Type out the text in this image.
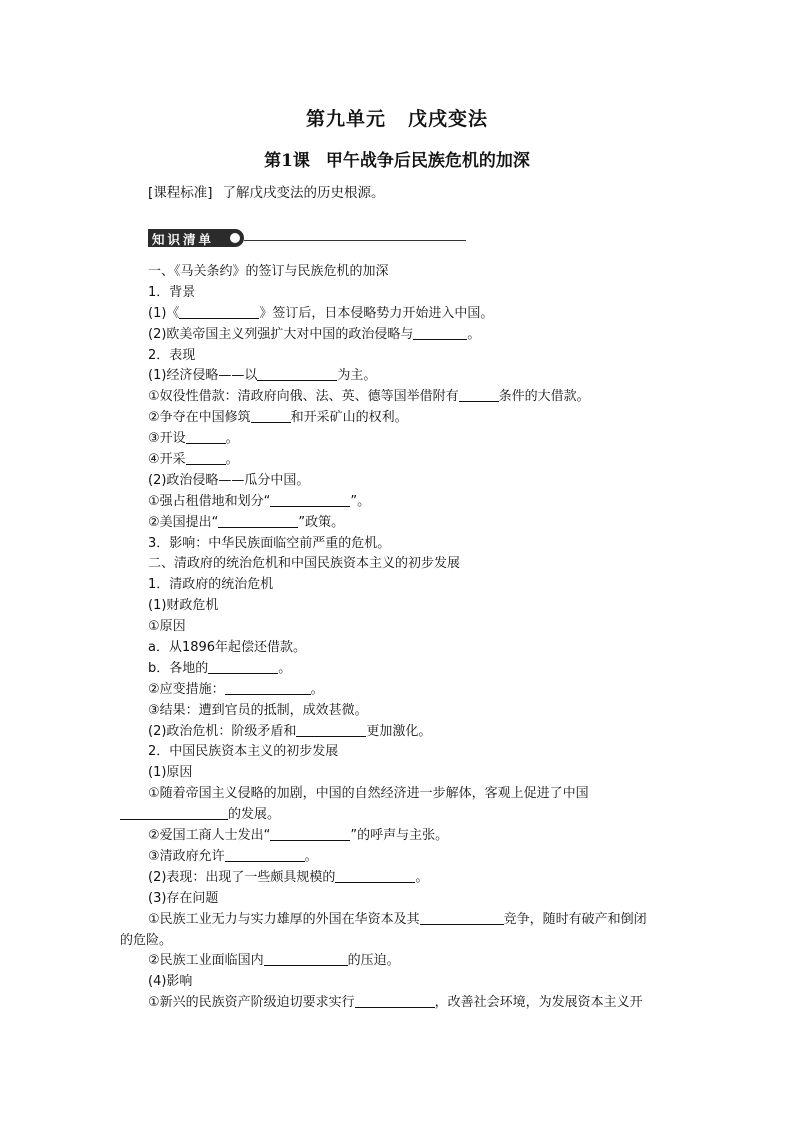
第九单元 戊戌变法
第1课 甲午战争后民族危机的加深
[课程标准] 了解戊戌变法的历史根源。
知识清单
一、《马关条约》的签订与民族危机的加深
1．背景
(1)《	》签订后，日本侵略势力开始进入中国。
(2)欧美帝国主义列强扩大对中国的政治侵略与	。
2．表现
(1)经济侵略——以	为主。
①奴役性借款：清政府向俄、法、英、德等国举借附有	条件的大借款。
②争夺在中国修筑	和开采矿山的权利。
③开设	。
④开采	。
(2)政治侵略——瓜分中国。
①强占租借地和划分“	”。
②美国提出“	”政策。
3．影响：中华民族面临空前严重的危机。
二、清政府的统治危机和中国民族资本主义的初步发展
1．清政府的统治危机
(1)财政危机
①原因
a．从1896年起偿还借款。
b．各地的	。
②应变措施：	。
③结果：遭到官员的抵制，成效甚微。
(2)政治危机：阶级矛盾和	更加激化。
2．中国民族资本主义的初步发展
(1)原因
①随着帝国主义侵略的加剧，中国的自然经济进一步解体，客观上促进了中国
的发展。
②爱国工商人士发出“	”的呼声与主张。
③清政府允许	。
(2)表现：出现了一些颇具规模的	。
(3)存在问题
①民族工业无力与实力雄厚的外国在华资本及其	竞争，随时有破产和倒闭
的危险。
②民族工业面临国内	的压迫。
(4)影响
①新兴的民族资产阶级迫切要求实行	，改善社会环境，为发展资本主义开
